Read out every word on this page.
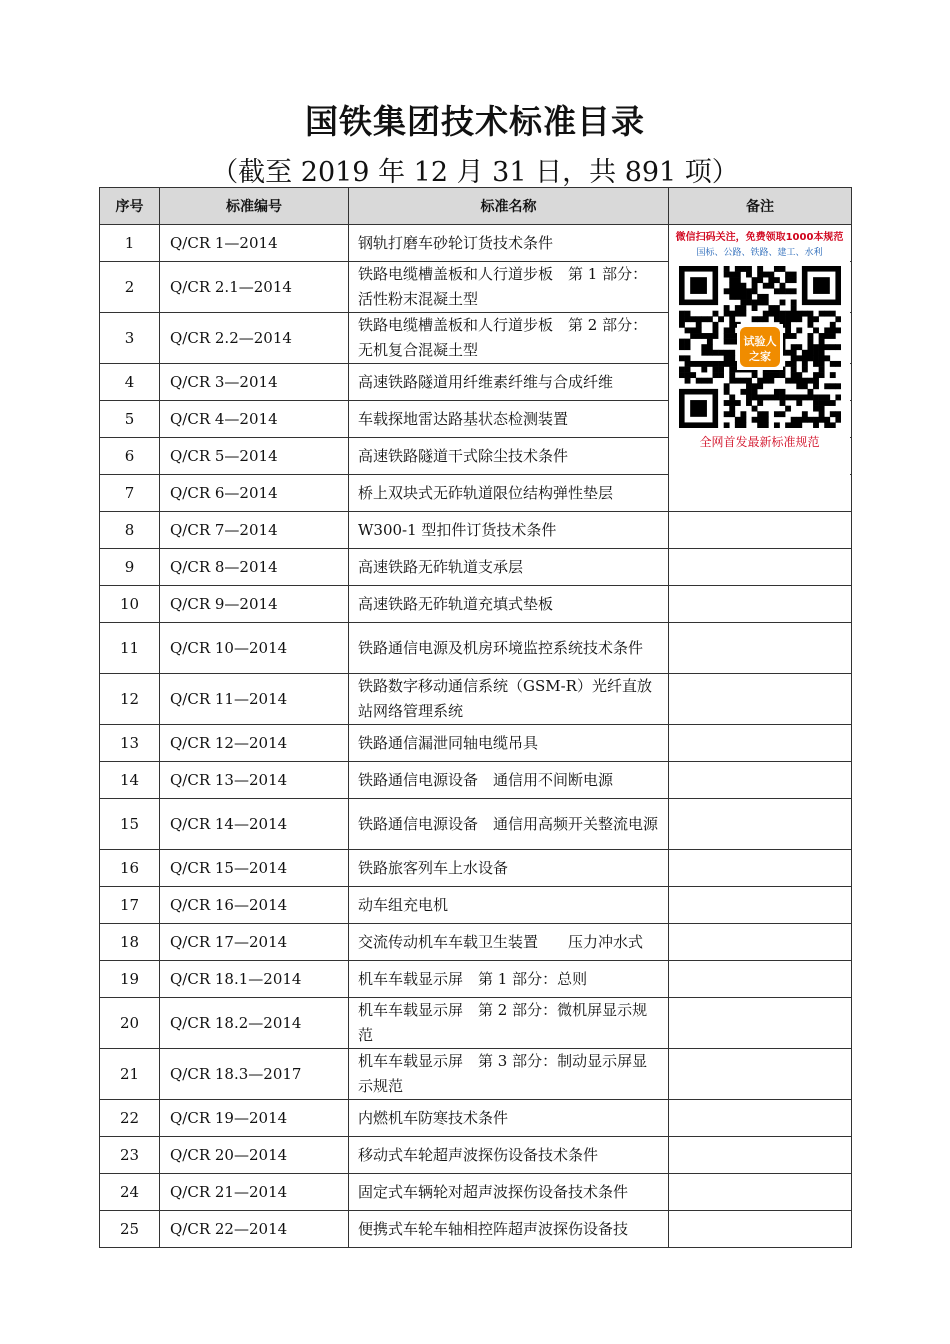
国铁集团技术标准目录
（截至 2019 年 12 月 31 日，共 891 项）
序号	标准编号	标准名称	备注
1	Q/CR 1—2014	钢轨打磨车砂轮订货技术条件	微信扫码关注，免费领取1000本规范
国标、公路、铁路、建工、水利
试验人
之家
全网首发最新标准规范

2	Q/CR 2.1—2014	铁路电缆槽盖板和人行道步板　第 1 部分：活性粉末混凝土型	
3	Q/CR 2.2—2014	铁路电缆槽盖板和人行道步板　第 2 部分：无机复合混凝土型	
4	Q/CR 3—2014	高速铁路隧道用纤维素纤维与合成纤维	
5	Q/CR 4—2014	车载探地雷达路基状态检测装置	
6	Q/CR 5—2014	高速铁路隧道干式除尘技术条件	
7	Q/CR 6—2014	桥上双块式无砟轨道限位结构弹性垫层	
8	Q/CR 7—2014	W300-1 型扣件订货技术条件	
9	Q/CR 8—2014	高速铁路无砟轨道支承层	
10	Q/CR 9—2014	高速铁路无砟轨道充填式垫板	
11	Q/CR 10—2014	铁路通信电源及机房环境监控系统技术条件	
12	Q/CR 11—2014	铁路数字移动通信系统（GSM-R）光纤直放站网络管理系统	
13	Q/CR 12—2014	铁路通信漏泄同轴电缆吊具	
14	Q/CR 13—2014	铁路通信电源设备　通信用不间断电源	
15	Q/CR 14—2014	铁路通信电源设备　通信用高频开关整流电源	
16	Q/CR 15—2014	铁路旅客列车上水设备	
17	Q/CR 16—2014	动车组充电机	
18	Q/CR 17—2014	交流传动机车车载卫生装置　　压力冲水式	
19	Q/CR 18.1—2014	机车车载显示屏　第 1 部分：总则	
20	Q/CR 18.2—2014	机车车载显示屏　第 2 部分：微机屏显示规范	
21	Q/CR 18.3—2017	机车车载显示屏　第 3 部分：制动显示屏显示规范	
22	Q/CR 19—2014	内燃机车防寒技术条件	
23	Q/CR 20—2014	移动式车轮超声波探伤设备技术条件	
24	Q/CR 21—2014	固定式车辆轮对超声波探伤设备技术条件	
25	Q/CR 22—2014	便携式车轮车轴相控阵超声波探伤设备技	
